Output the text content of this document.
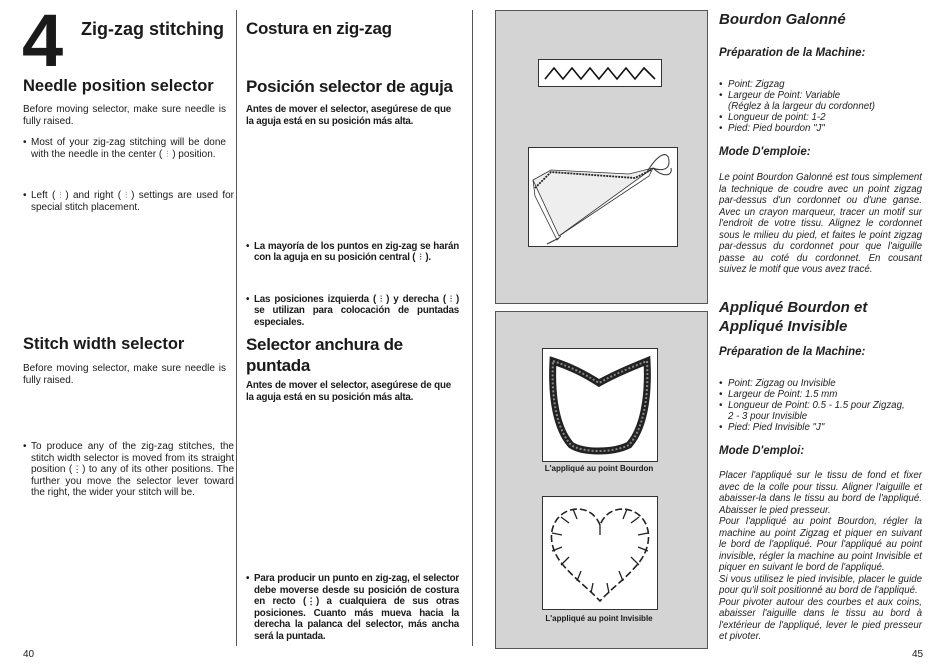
4 Zig-zag stitching
Needle position selector
Before moving selector, make sure needle is fully raised.
• Most of your zig-zag stitching will be done with the needle in the center ( ⫶ ) position.
• Left ( ⫶ ) and right ( ⫶ ) settings are used for special stitch placement.
Stitch width selector
Before moving selector, make sure needle is fully raised.
• To produce any of the zig-zag stitches, the stitch width selector is moved from its straight position (⋮) to any of its other positions. The further you move the selector lever toward the right, the wider your stitch will be.
40
Costura en zig-zag
Posición selector de aguja
Antes de mover el selector, asegúrese de que la aguja está en su posición más alta.
• La mayoría de los puntos en zig-zag se harán con la aguja en su posición central ( ⫶ ).
• Las posiciones izquierda ( ⫶ ) y derecha ( ⫶ ) se utilizan para colocación de puntadas especiales.
Selector anchura de puntada
Antes de mover el selector, asegúrese de que la aguja está en su posición más alta.
• Para producir un punto en zig-zag, el selector debe moverse desde su posición de costura en recto (⋮) a cualquiera de sus otras posiciones. Cuanto más mueva hacia la derecha la palanca del selector, más ancha será la puntada.
L'appliqué au point Bourdon
L'appliqué au point Invisible
Bourdon Galonné
Préparation de la Machine:
• Point: Zigzag
• Largeur de Point: Variable
(Réglez à la largeur du cordonnet)
• Longueur de point: 1-2
• Pied: Pied bourdon "J"
Mode D'emploie:
Le point Bourdon Galonné est tous simplement la technique de coudre avec un point zigzag par-dessus d'un cordonnet ou d'une ganse. Avec un crayon marqueur, tracer un motif sur l'endroit de votre tissu. Alignez le cordonnet sous le milieu du pied, et faites le point zigzag par-dessus du cordonnet pour que l'aiguille passe au coté du cordonnet. En cousant suivez le motif que vous avez tracé.
Appliqué Bourdon et Appliqué Invisible
Préparation de la Machine:
• Point: Zigzag ou Invisible
• Largeur de Point: 1.5 mm
• Longueur de Point: 0.5 - 1.5 pour Zigzag,
2 - 3 pour Invisible
• Pied: Pied Invisible "J"
Mode D'emploi:
Placer l'appliqué sur le tissu de fond et fixer avec de la colle pour tissu. Aligner l'aiguille et abaisser-la dans le tissu au bord de l'appliqué. Abaisser le pied presseur.
Pour l'appliqué au point Bourdon, régler la machine au point Zigzag et piquer en suivant le bord de l'appliqué. Pour l'appliqué au point invisible, régler la machine au point Invisible et piquer en suivant le bord de l'appliqué.
Si vous utilisez le pied invisible, placer le guide pour qu'il soit positionné au bord de l'appliqué.
Pour pivoter autour des courbes et aux coins, abaisser l'aiguille dans le tissu au bord à l'extérieur de l'appliqué, lever le pied presseur et pivoter.
45
